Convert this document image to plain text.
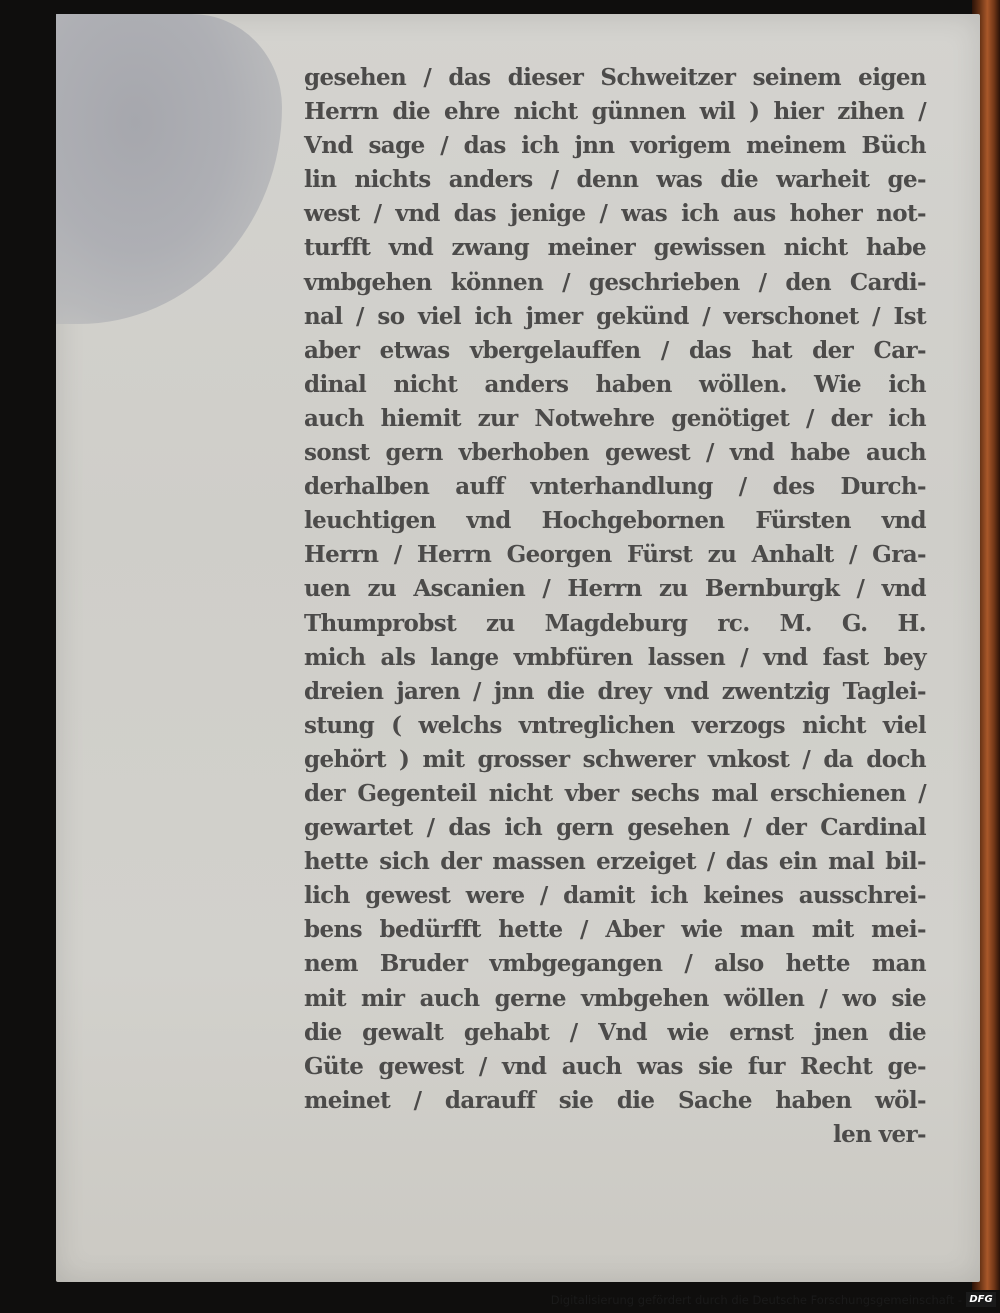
gesehen / das dieser Schweitzer seinem eigen
Herrn die ehre nicht günnen wil ) hier zihen /
Vnd sage / das ich jnn vorigem meinem Büch
lin nichts anders / denn was die warheit ge-
west / vnd das jenige / was ich aus hoher not-
turfft vnd zwang meiner gewissen nicht habe
vmbgehen können / geschrieben / den Cardi-
nal / so viel ich jmer gekünd / verschonet / Ist
aber etwas vbergelauffen / das hat der Car-
dinal nicht anders haben wöllen. Wie ich
auch hiemit zur Notwehre genötiget / der ich
sonst gern vberhoben gewest / vnd habe auch
derhalben auff vnterhandlung / des Durch-
leuchtigen vnd Hochgebornen Fürsten vnd
Herrn / Herrn Georgen Fürst zu Anhalt / Gra-
uen zu Ascanien / Herrn zu Bernburgk / vnd
Thumprobst zu Magdeburg rc. M. G. H.
mich als lange vmbfüren lassen / vnd fast bey
dreien jaren / jnn die drey vnd zwentzig Taglei-
stung ( welchs vntreglichen verzogs nicht viel
gehört ) mit grosser schwerer vnkost / da doch
der Gegenteil nicht vber sechs mal erschienen /
gewartet / das ich gern gesehen / der Cardinal
hette sich der massen erzeiget / das ein mal bil-
lich gewest were / damit ich keines ausschrei-
bens bedürfft hette / Aber wie man mit mei-
nem Bruder vmbgegangen / also hette man
mit mir auch gerne vmbgehen wöllen / wo sie
die gewalt gehabt / Vnd wie ernst jnen die
Güte gewest / vnd auch was sie fur Recht ge-
meinet / darauff sie die Sache haben wöl-
len ver-
Digitalisierung gefördert durch die Deutsche Forschungsgemeinschaft - DFG
